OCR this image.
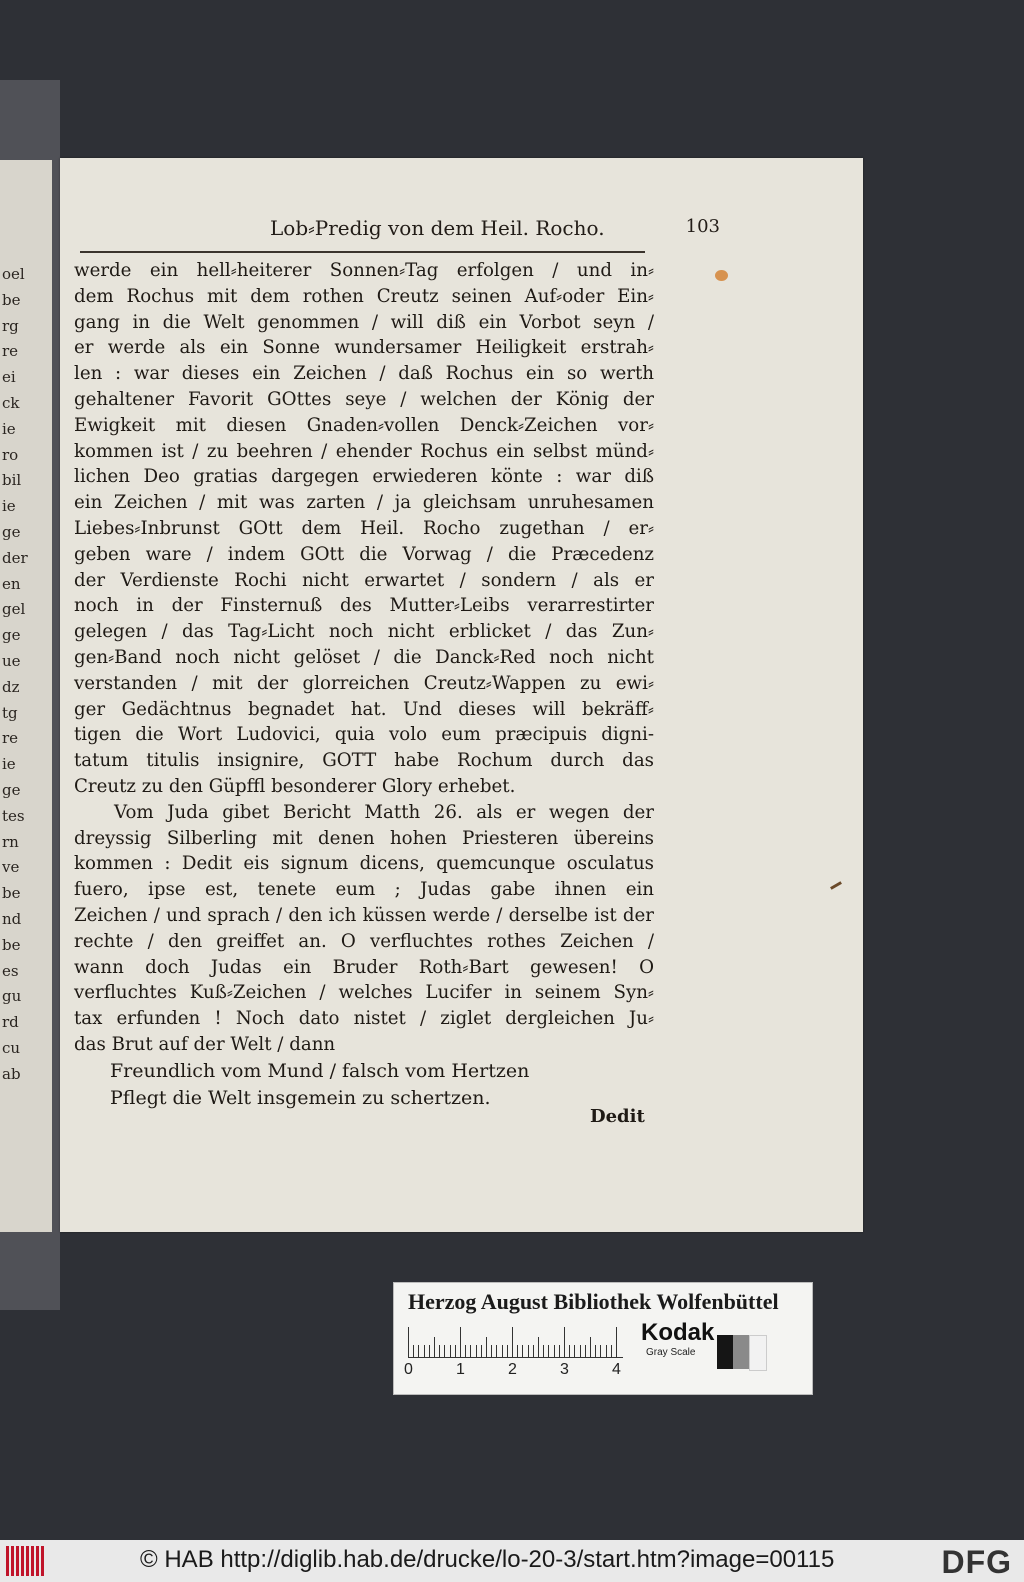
oel
be
rg
re
ei
ck
ie
ro
bil
ie
ge
der
en
gel
ge
ue
dz
tg
re
ie
ge
tes
rn
ve
be
nd
be
es
gu
rd
cu
ab
Lob⸗Predig von dem Heil. Rocho.	103
werde ein hell⸗heiterer Sonnen⸗Tag erfolgen / und in⸗
dem Rochus mit dem rothen Creutz seinen Auf⸗oder Ein⸗
gang in die Welt genommen / will diß ein Vorbot seyn /
er werde als ein Sonne wundersamer Heiligkeit erstrah⸗
len : war dieses ein Zeichen / daß Rochus ein so werth
gehaltener Favorit GOttes seye / welchen der König der
Ewigkeit mit diesen Gnaden⸗vollen Denck⸗Zeichen vor⸗
kommen ist / zu beehren / ehender Rochus ein selbst münd⸗
lichen Deo gratias dargegen erwiederen könte : war diß
ein Zeichen / mit was zarten / ja gleichsam unruhesamen
Liebes⸗Inbrunst GOtt dem Heil. Rocho zugethan / er⸗
geben ware / indem GOtt die Vorwag / die Præcedenz
der Verdienste Rochi nicht erwartet / sondern / als er
noch in der Finsternuß des Mutter⸗Leibs verarrestirter
gelegen / das Tag⸗Licht noch nicht erblicket / das Zun⸗
gen⸗Band noch nicht gelöset / die Danck⸗Red noch nicht
verstanden / mit der glorreichen Creutz⸗Wappen zu ewi⸗
ger Gedächtnus begnadet hat. Und dieses will bekräff⸗
tigen die Wort Ludovici, quia volo eum præcipuis digni-
tatum titulis insignire, GOTT habe Rochum durch das
Creutz zu den Güpffl besonderer Glory erhebet.
Vom Juda gibet Bericht Matth 26. als er wegen der
dreyssig Silberling mit denen hohen Priesteren übereins
kommen : Dedit eis signum dicens, quemcunque osculatus
fuero, ipse est, tenete eum ; Judas gabe ihnen ein
Zeichen / und sprach / den ich küssen werde / derselbe ist der
rechte / den greiffet an. O verfluchtes rothes Zeichen /
wann doch Judas ein Bruder Roth⸗Bart gewesen! O
verfluchtes Kuß⸗Zeichen / welches Lucifer in seinem Syn⸗
tax erfunden ! Noch dato nistet / ziglet dergleichen Ju⸗
das Brut auf der Welt / dann
Freundlich vom Mund / falsch vom Hertzen
Pflegt die Welt insgemein zu schertzen.
Dedit
Herzog August Bibliothek Wolfenbüttel
0	1	2	3	4
Kodak
Gray Scale
© HAB http://diglib.hab.de/drucke/lo-20-3/start.htm?image=00115	DFG
